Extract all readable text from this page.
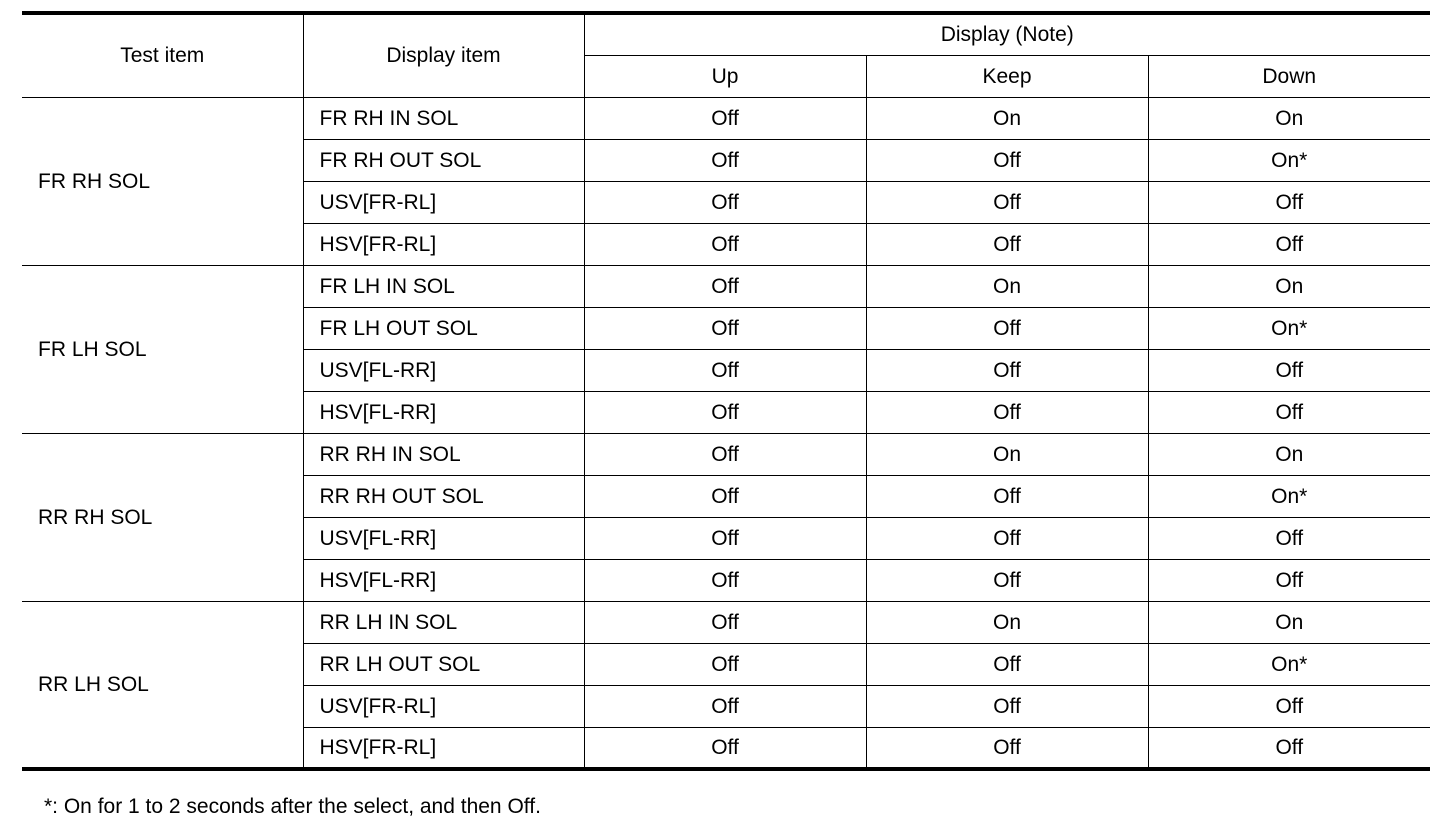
Test item	Display item	Display (Note)		
		Up	Keep	Down
FR RH SOL	FR RH IN SOL	Off	On	On
	FR RH OUT SOL	Off	Off	On*
	USV[FR-RL]	Off	Off	Off
	HSV[FR-RL]	Off	Off	Off
FR LH SOL	FR LH IN SOL	Off	On	On
	FR LH OUT SOL	Off	Off	On*
	USV[FL-RR]	Off	Off	Off
	HSV[FL-RR]	Off	Off	Off
RR RH SOL	RR RH IN SOL	Off	On	On
	RR RH OUT SOL	Off	Off	On*
	USV[FL-RR]	Off	Off	Off
	HSV[FL-RR]	Off	Off	Off
RR LH SOL	RR LH IN SOL	Off	On	On
	RR LH OUT SOL	Off	Off	On*
	USV[FR-RL]	Off	Off	Off
	HSV[FR-RL]	Off	Off	Off
*: On for 1 to 2 seconds after the select, and then Off.
